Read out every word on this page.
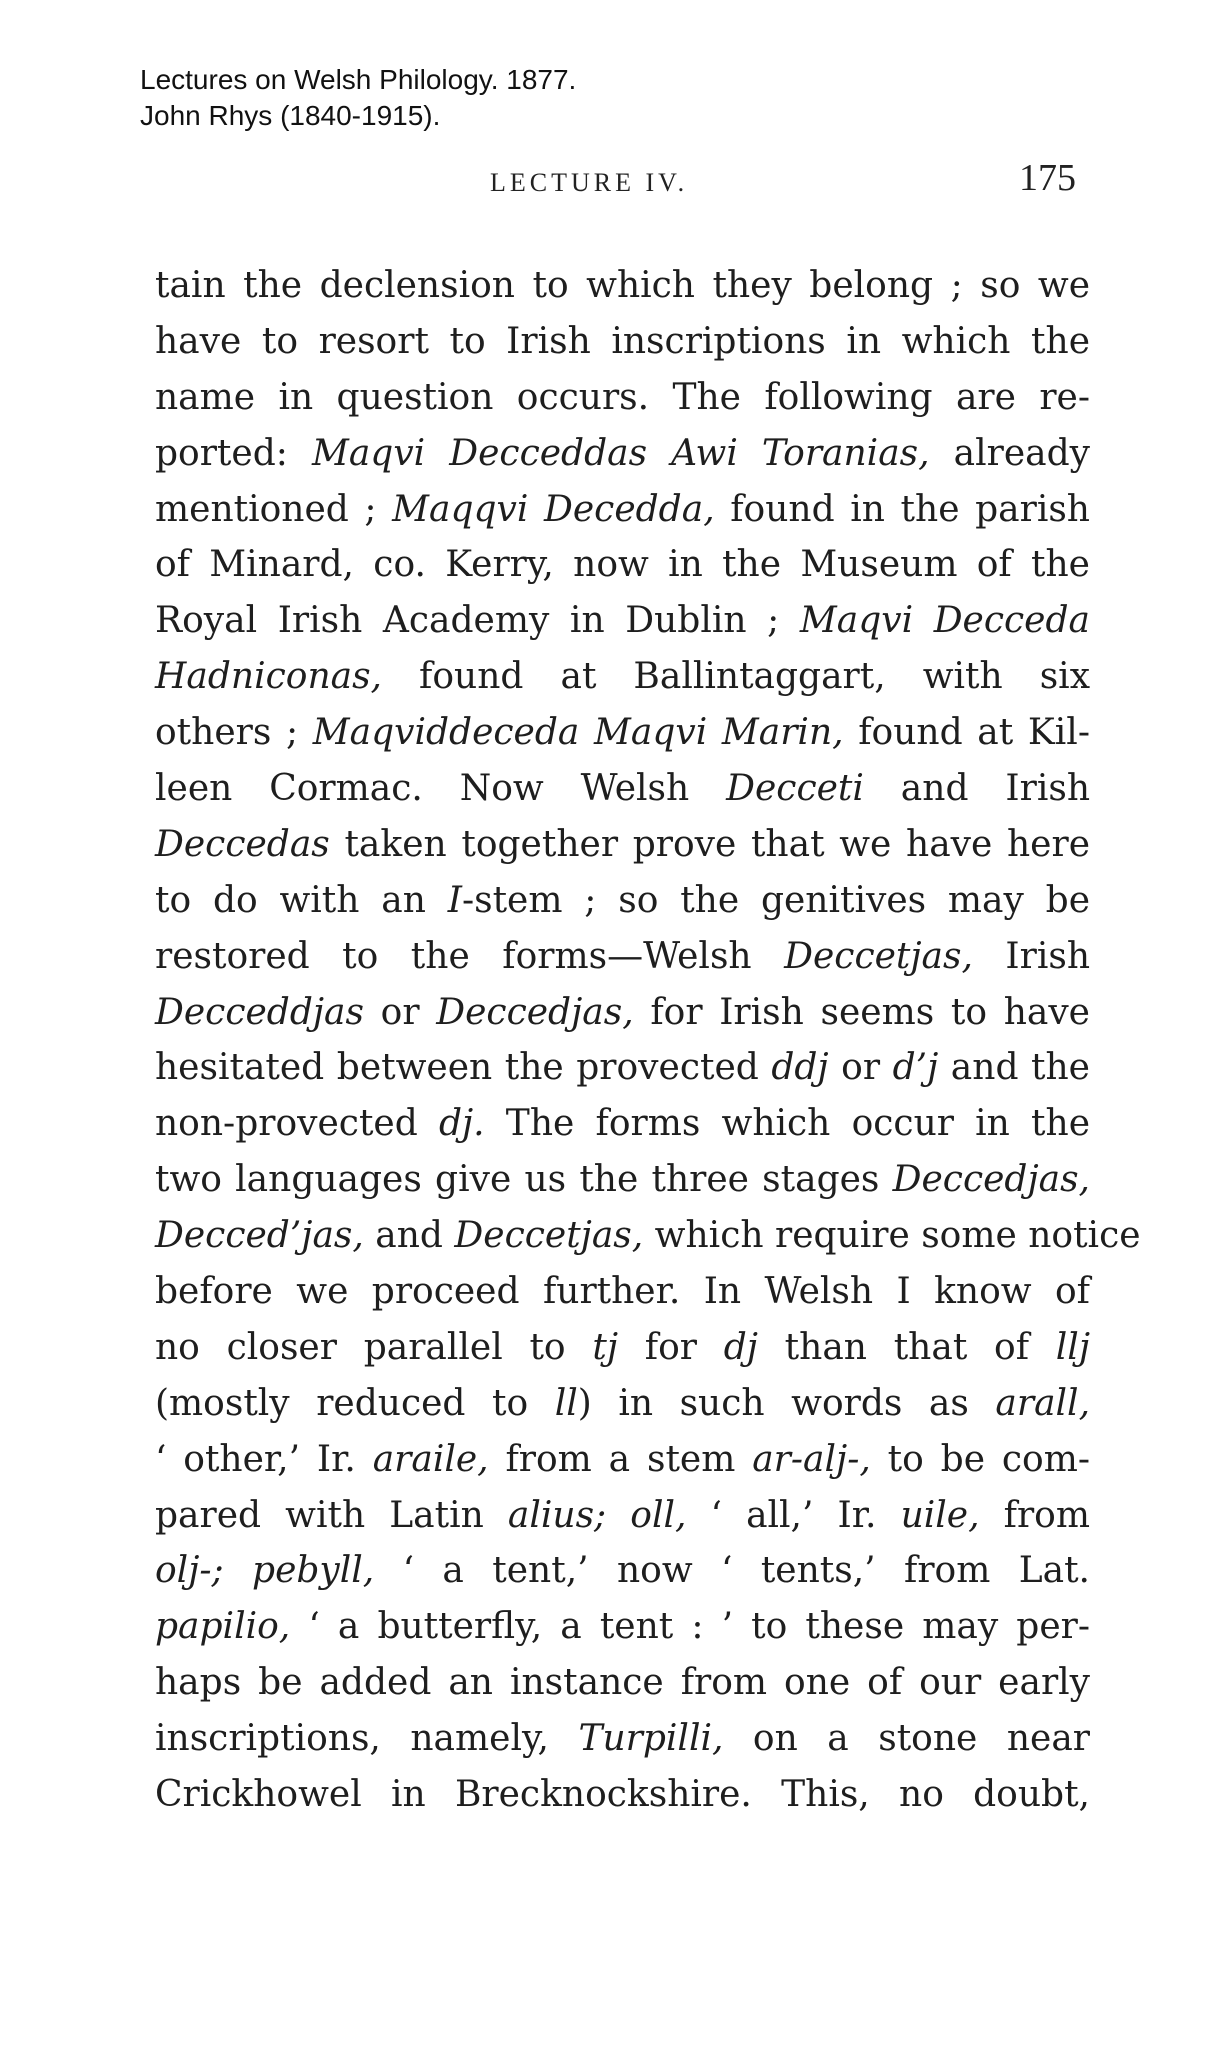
Lectures on Welsh Philology. 1877.
John Rhys (1840-1915).
LECTURE IV.	175
tain the declension to which they belong ; so we
have to resort to Irish inscriptions in which the
name in question occurs. The following are re-
ported: Maqvi Decceddas Awi Toranias, already
mentioned ; Maqqvi Decedda, found in the parish
of Minard, co. Kerry, now in the Museum of the
Royal Irish Academy in Dublin ; Maqvi Decceda
Hadniconas, found at Ballintaggart, with six
others ; Maqviddeceda Maqvi Marin, found at Kil-
leen Cormac. Now Welsh Decceti and Irish
Deccedas taken together prove that we have here
to do with an I-stem ; so the genitives may be
restored to the forms—Welsh Deccetjas, Irish
Decceddjas or Deccedjas, for Irish seems to have
hesitated between the provected ddj or d’j and the
non-provected dj. The forms which occur in the
two languages give us the three stages Deccedjas,
Decced’jas, and Deccetjas, which require some notice
before we proceed further. In Welsh I know of
no closer parallel to tj for dj than that of llj
(mostly reduced to ll) in such words as arall,
‘ other,’ Ir. araile, from a stem ar-alj-, to be com-
pared with Latin alius; oll, ‘ all,’ Ir. uile, from
olj-; pebyll, ‘ a tent,’ now ‘ tents,’ from Lat.
papilio, ‘ a butterfly, a tent : ’ to these may per-
haps be added an instance from one of our early
inscriptions, namely, Turpilli, on a stone near
Crickhowel in Brecknockshire. This, no doubt,
